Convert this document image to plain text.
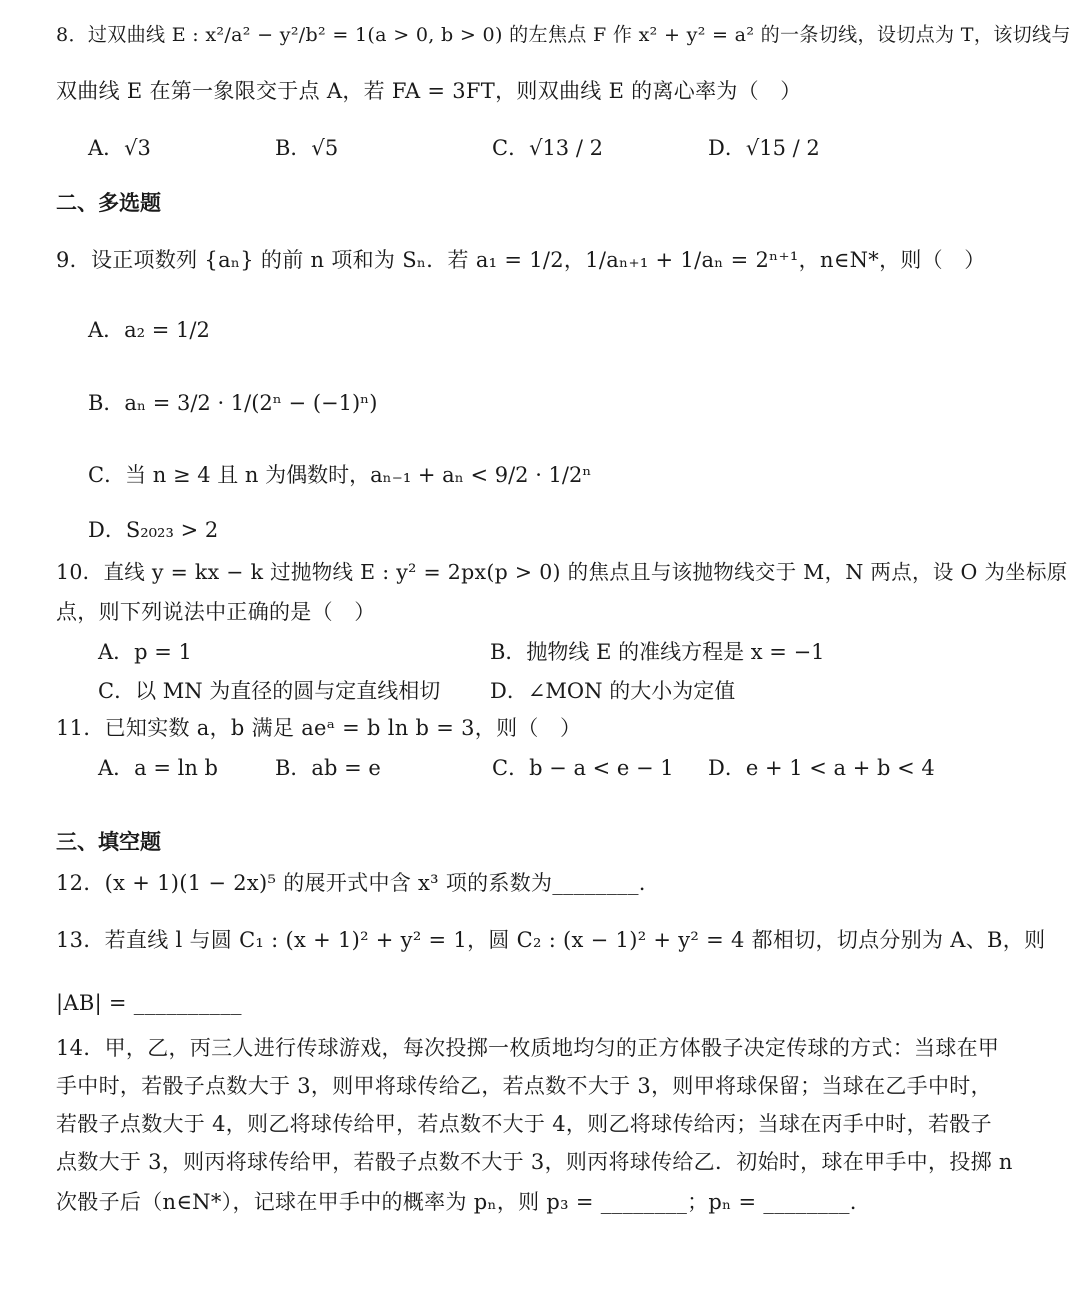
8．过双曲线 E : x²/a² − y²/b² = 1(a > 0, b > 0) 的左焦点 F 作 x² + y² = a² 的一条切线，设切点为 T，该切线与

双曲线 E 在第一象限交于点 A，若 FA = 3FT，则双曲线 E 的离心率为（　）

A．√3	B．√5	C．√13 / 2	D．√15 / 2

二、多选题

9．设正项数列 {aₙ} 的前 n 项和为 Sₙ．若 a₁ = 1/2，1/aₙ₊₁ + 1/aₙ = 2ⁿ⁺¹，n∈N*，则（　）

A．a₂ = 1/2
B．aₙ = 3/2 · 1/(2ⁿ − (−1)ⁿ)
C．当 n ≥ 4 且 n 为偶数时，aₙ₋₁ + aₙ < 9/2 · 1/2ⁿ
D．S₂₀₂₃ > 2

10．直线 y = kx − k 过抛物线 E : y² = 2px(p > 0) 的焦点且与该抛物线交于 M，N 两点，设 O 为坐标原

点，则下列说法中正确的是（　）

A．p = 1	B．抛物线 E 的准线方程是 x = −1
C．以 MN 为直径的圆与定直线相切 D．∠MON 的大小为定值

11．已知实数 a，b 满足 aeᵃ = b ln b = 3，则（　）

A．a = ln b	B．ab = e	C．b − a < e − 1 D．e + 1 < a + b < 4

三、填空题

12．(x + 1)(1 − 2x)⁵ 的展开式中含 x³ 项的系数为________.

13．若直线 l 与圆 C₁ : (x + 1)² + y² = 1，圆 C₂ : (x − 1)² + y² = 4 都相切，切点分别为 A、B，则

|AB| = __________

14．甲，乙，丙三人进行传球游戏，每次投掷一枚质地均匀的正方体骰子决定传球的方式：当球在甲

手中时，若骰子点数大于 3，则甲将球传给乙，若点数不大于 3，则甲将球保留；当球在乙手中时，

若骰子点数大于 4，则乙将球传给甲，若点数不大于 4，则乙将球传给丙；当球在丙手中时，若骰子

点数大于 3，则丙将球传给甲，若骰子点数不大于 3，则丙将球传给乙．初始时，球在甲手中，投掷 n

次骰子后（n∈N*），记球在甲手中的概率为 pₙ，则 p₃ = ________；pₙ = ________.
